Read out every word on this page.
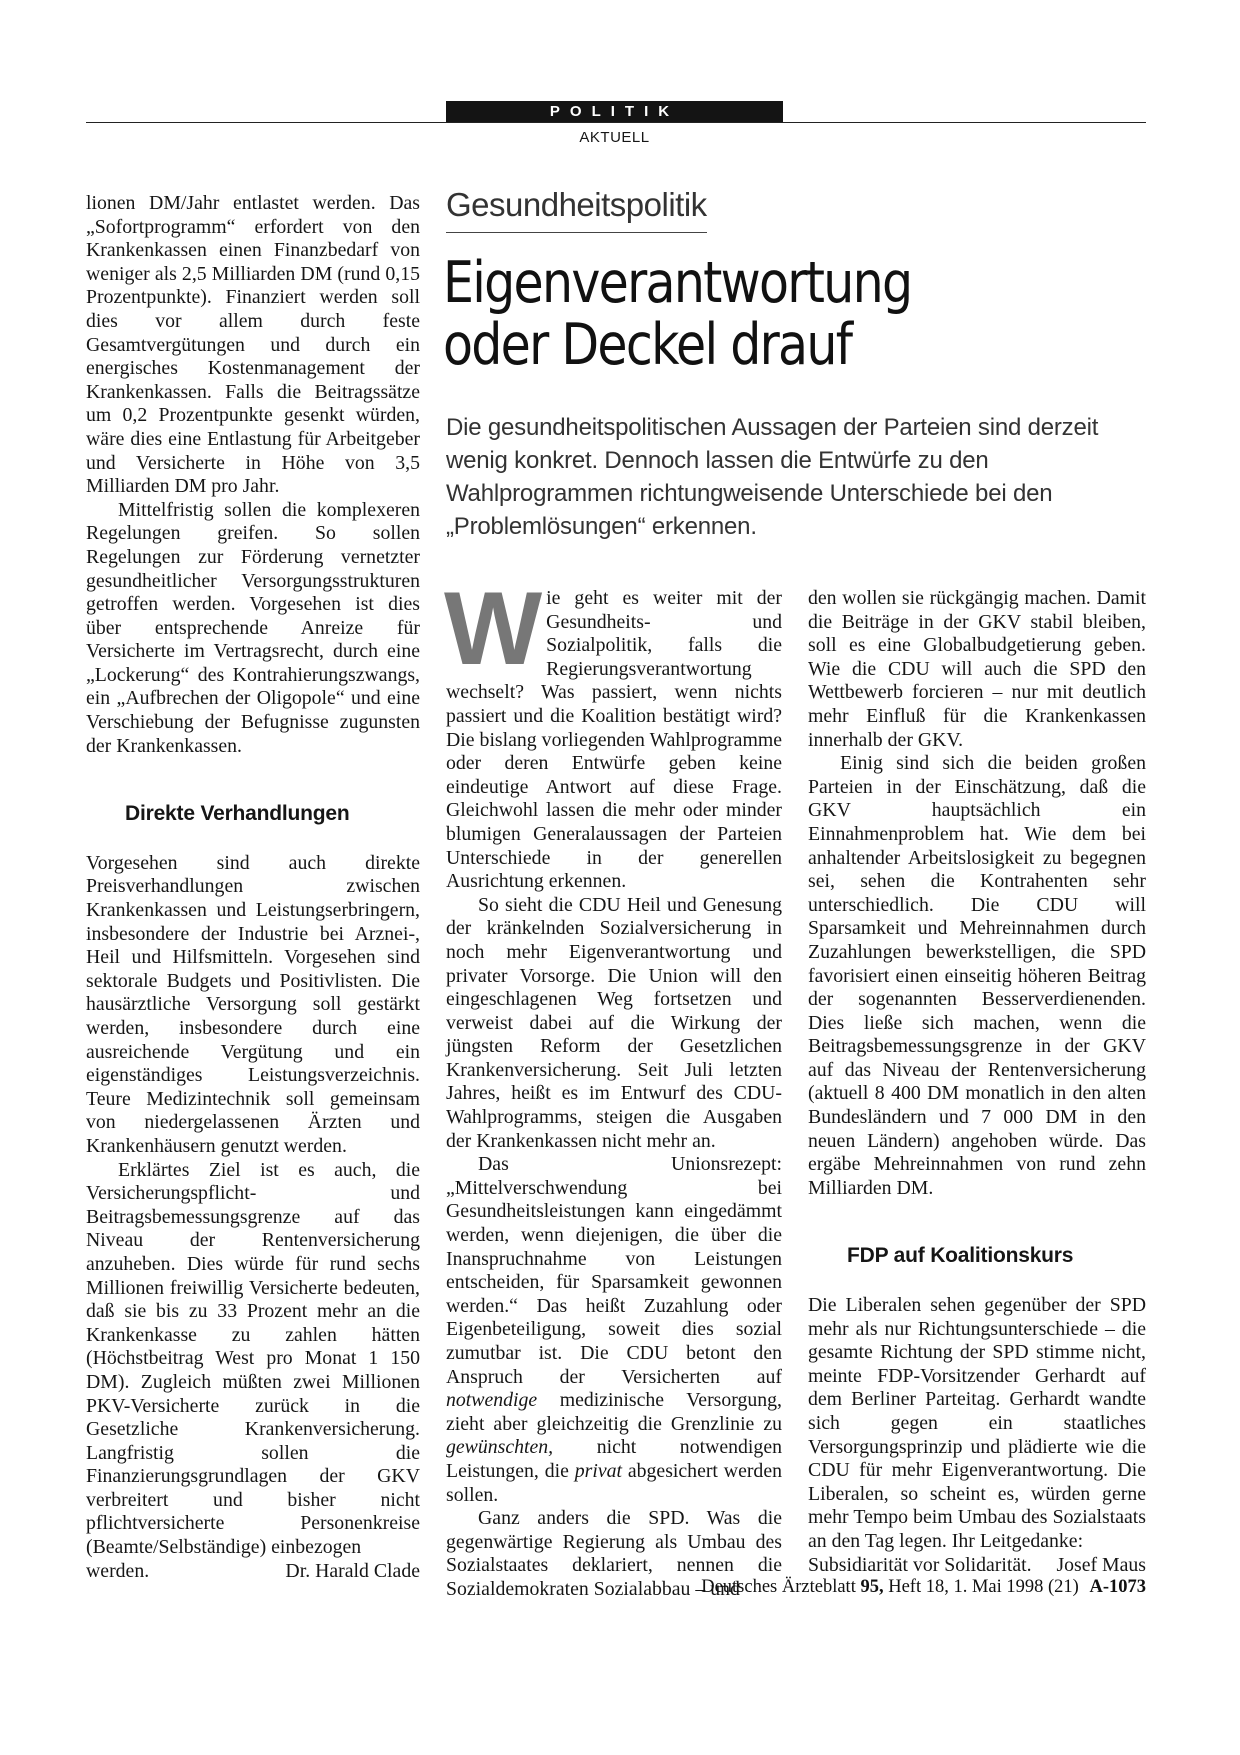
POLITIK
AKTUELL

lionen DM/Jahr entlastet werden. Das „Sofortprogramm“ erfordert von den Krankenkassen einen Finanzbedarf von weniger als 2,5 Milliarden DM (rund 0,15 Prozentpunkte). Finanziert werden soll dies vor allem durch feste Gesamtvergütungen und durch ein energisches Kostenmanagement der Krankenkassen. Falls die Beitragssätze um 0,2 Prozentpunkte gesenkt würden, wäre dies eine Entlastung für Arbeitgeber und Versicherte in Höhe von 3,5 Milliarden DM pro Jahr.

Mittelfristig sollen die komplexeren Regelungen greifen. So sollen Regelungen zur Förderung vernetzter gesundheitlicher Versorgungsstrukturen getroffen werden. Vorgesehen ist dies über entsprechende Anreize für Versicherte im Vertragsrecht, durch eine „Lockerung“ des Kontrahierungszwangs, ein „Aufbrechen der Oligopole“ und eine Verschiebung der Befugnisse zugunsten der Krankenkassen.

Direkte Verhandlungen

Vorgesehen sind auch direkte Preisverhandlungen zwischen Krankenkassen und Leistungserbringern, insbesondere der Industrie bei Arznei-, Heil und Hilfsmitteln. Vorgesehen sind sektorale Budgets und Positivlisten. Die hausärztliche Versorgung soll gestärkt werden, insbesondere durch eine ausreichende Vergütung und ein eigenständiges Leistungsverzeichnis. Teure Medizintechnik soll gemeinsam von niedergelassenen Ärzten und Krankenhäusern genutzt werden.

Erklärtes Ziel ist es auch, die Versicherungspflicht- und Beitragsbemessungsgrenze auf das Niveau der Rentenversicherung anzuheben. Dies würde für rund sechs Millionen freiwillig Versicherte bedeuten, daß sie bis zu 33 Prozent mehr an die Krankenkasse zu zahlen hätten (Höchstbeitrag West pro Monat 1 150 DM). Zugleich müßten zwei Millionen PKV-Versicherte zurück in die Gesetzliche Krankenversicherung. Langfristig sollen die Finanzierungsgrundlagen der GKV verbreitert und bisher nicht pflichtversicherte Personenkreise (Beamte/Selbständige) einbezogen

werden.	Dr. Harald Clade

Gesundheitspolitik
Eigenverantwortung
oder Deckel drauf
Die gesundheitspolitischen Aussagen der Parteien sind derzeit wenig konkret. Dennoch lassen die Entwürfe zu den Wahlprogrammen richtungweisende Unterschiede bei den „Problemlösungen“ erkennen.

Wie geht es weiter mit der Gesundheits- und Sozialpolitik, falls die Regierungsverantwortung wechselt? Was passiert, wenn nichts passiert und die Koalition bestätigt wird? Die bislang vorliegenden Wahlprogramme oder deren Entwürfe geben keine eindeutige Antwort auf diese Frage. Gleichwohl lassen die mehr oder minder blumigen Generalaussagen der Parteien Unterschiede in der generellen Ausrichtung erkennen.

So sieht die CDU Heil und Genesung der kränkelnden Sozialversicherung in noch mehr Eigenverantwortung und privater Vorsorge. Die Union will den eingeschlagenen Weg fortsetzen und verweist dabei auf die Wirkung der jüngsten Reform der Gesetzlichen Krankenversicherung. Seit Juli letzten Jahres, heißt es im Entwurf des CDU-Wahlprogramms, steigen die Ausgaben der Krankenkassen nicht mehr an.

Das Unionsrezept: „Mittelverschwendung bei Gesundheitsleistungen kann eingedämmt werden, wenn diejenigen, die über die Inanspruchnahme von Leistungen entscheiden, für Sparsamkeit gewonnen werden.“ Das heißt Zuzahlung oder Eigenbeteiligung, soweit dies sozial zumutbar ist. Die CDU betont den Anspruch der Versicherten auf notwendige medizinische Versorgung, zieht aber gleichzeitig die Grenzlinie zu gewünschten, nicht notwendigen Leistungen, die privat abgesichert werden sollen.

Ganz anders die SPD. Was die gegenwärtige Regierung als Umbau des Sozialstaates deklariert, nennen die Sozialdemokraten Sozialabbau – und

den wollen sie rückgängig machen. Damit die Beiträge in der GKV stabil bleiben, soll es eine Globalbudgetierung geben. Wie die CDU will auch die SPD den Wettbewerb forcieren – nur mit deutlich mehr Einfluß für die Krankenkassen innerhalb der GKV.

Einig sind sich die beiden großen Parteien in der Einschätzung, daß die GKV hauptsächlich ein Einnahmenproblem hat. Wie dem bei anhaltender Arbeitslosigkeit zu begegnen sei, sehen die Kontrahenten sehr unterschiedlich. Die CDU will Sparsamkeit und Mehreinnahmen durch Zuzahlungen bewerkstelligen, die SPD favorisiert einen einseitig höheren Beitrag der sogenannten Besserverdienenden. Dies ließe sich machen, wenn die Beitragsbemessungsgrenze in der GKV auf das Niveau der Rentenversicherung (aktuell 8 400 DM monatlich in den alten Bundesländern und 7 000 DM in den neuen Ländern) angehoben würde. Das ergäbe Mehreinnahmen von rund zehn Milliarden DM.

FDP auf Koalitionskurs

Die Liberalen sehen gegenüber der SPD mehr als nur Richtungsunterschiede – die gesamte Richtung der SPD stimme nicht, meinte FDP-Vorsitzender Gerhardt auf dem Berliner Parteitag. Gerhardt wandte sich gegen ein staatliches Versorgungsprinzip und plädierte wie die CDU für mehr Eigenverantwortung. Die Liberalen, so scheint es, würden gerne mehr Tempo beim Umbau des Sozialstaats an den Tag legen. Ihr Leitgedanke:

Subsidiarität vor Solidarität. Josef Maus

Deutsches Ärzteblatt 95, Heft 18, 1. Mai 1998 (21) A-1073
